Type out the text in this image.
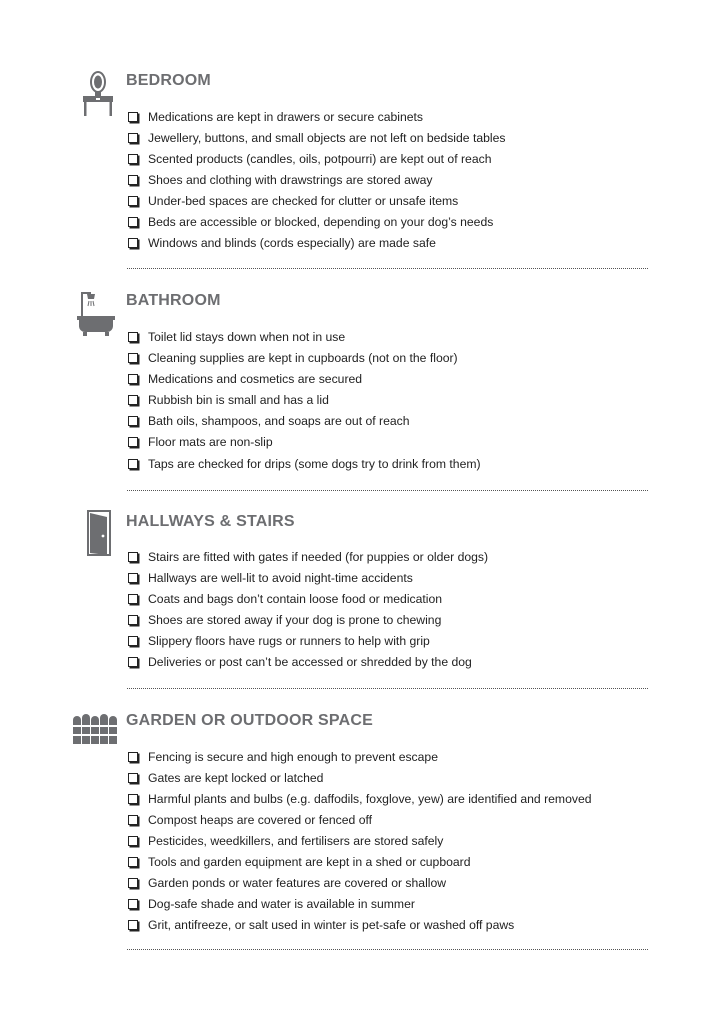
BEDROOM
Medications are kept in drawers or secure cabinets
Jewellery, buttons, and small objects are not left on bedside tables
Scented products (candles, oils, potpourri) are kept out of reach
Shoes and clothing with drawstrings are stored away
Under-bed spaces are checked for clutter or unsafe items
Beds are accessible or blocked, depending on your dog’s needs
Windows and blinds (cords especially) are made safe
BATHROOM
Toilet lid stays down when not in use
Cleaning supplies are kept in cupboards (not on the floor)
Medications and cosmetics are secured
Rubbish bin is small and has a lid
Bath oils, shampoos, and soaps are out of reach
Floor mats are non-slip
Taps are checked for drips (some dogs try to drink from them)
HALLWAYS & STAIRS
Stairs are fitted with gates if needed (for puppies or older dogs)
Hallways are well-lit to avoid night-time accidents
Coats and bags don’t contain loose food or medication
Shoes are stored away if your dog is prone to chewing
Slippery floors have rugs or runners to help with grip
Deliveries or post can’t be accessed or shredded by the dog
GARDEN OR OUTDOOR SPACE
Fencing is secure and high enough to prevent escape
Gates are kept locked or latched
Harmful plants and bulbs (e.g. daffodils, foxglove, yew) are identified and removed
Compost heaps are covered or fenced off
Pesticides, weedkillers, and fertilisers are stored safely
Tools and garden equipment are kept in a shed or cupboard
Garden ponds or water features are covered or shallow
Dog-safe shade and water is available in summer
Grit, antifreeze, or salt used in winter is pet-safe or washed off paws
